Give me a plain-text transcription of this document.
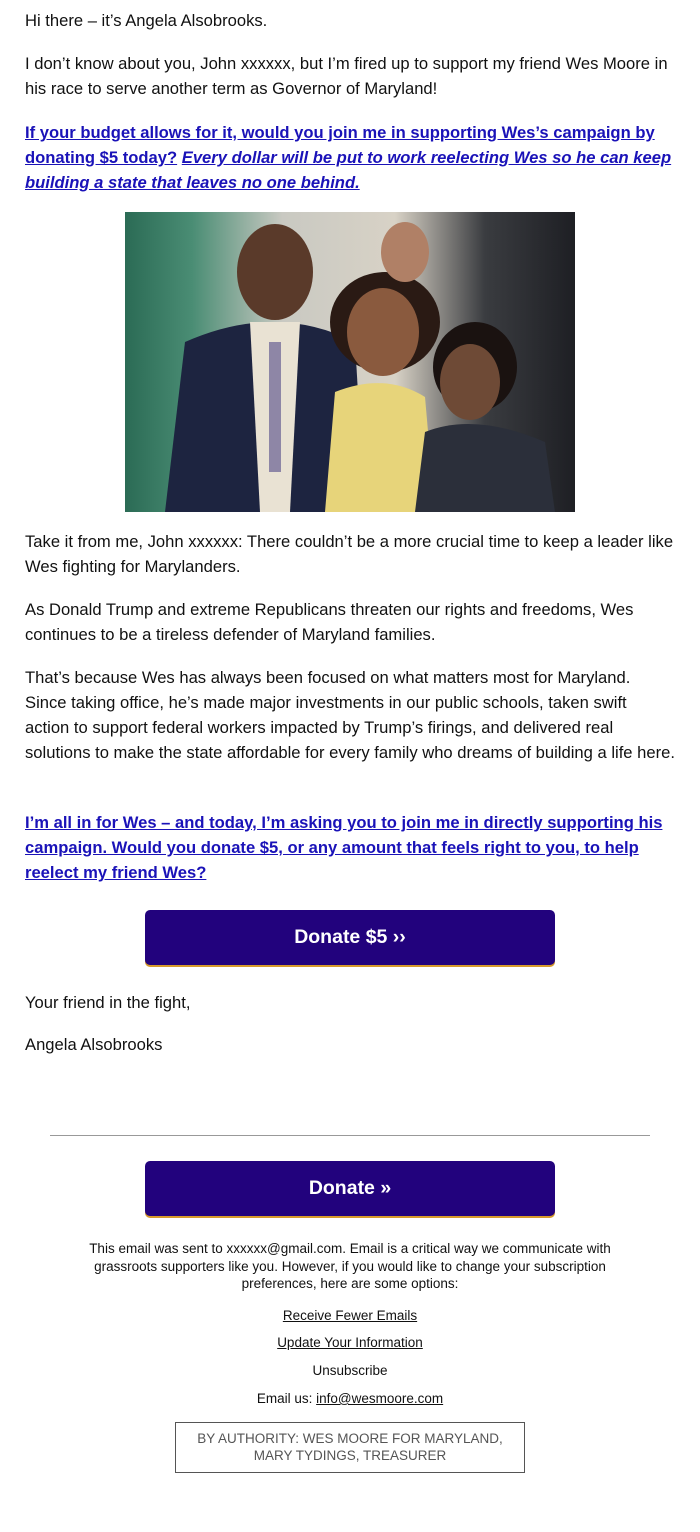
Hi there – it’s Angela Alsobrooks.
I don’t know about you, John xxxxxx, but I’m fired up to support my friend Wes Moore in his race to serve another term as Governor of Maryland!
If your budget allows for it, would you join me in supporting Wes’s campaign by donating $5 today? Every dollar will be put to work reelecting Wes so he can keep building a state that leaves no one behind.
Take it from me, John xxxxxx: There couldn’t be a more crucial time to keep a leader like Wes fighting for Marylanders.
As Donald Trump and extreme Republicans threaten our rights and freedoms, Wes continues to be a tireless defender of Maryland families.
That’s because Wes has always been focused on what matters most for Maryland. Since taking office, he’s made major investments in our public schools, taken swift action to support federal workers impacted by Trump’s firings, and delivered real solutions to make the state affordable for every family who dreams of building a life here.
I’m all in for Wes – and today, I’m asking you to join me in directly supporting his campaign. Would you donate $5, or any amount that feels right to you, to help reelect my friend Wes?
Donate $5 ››
Your friend in the fight,
Angela Alsobrooks
Donate »
This email was sent to xxxxxx@gmail.com. Email is a critical way we communicate with grassroots supporters like you. However, if you would like to change your subscription preferences, here are some options:
Receive Fewer Emails
Update Your Information
Unsubscribe
Email us: info@wesmoore.com
BY AUTHORITY: WES MOORE FOR MARYLAND, MARY TYDINGS, TREASURER
